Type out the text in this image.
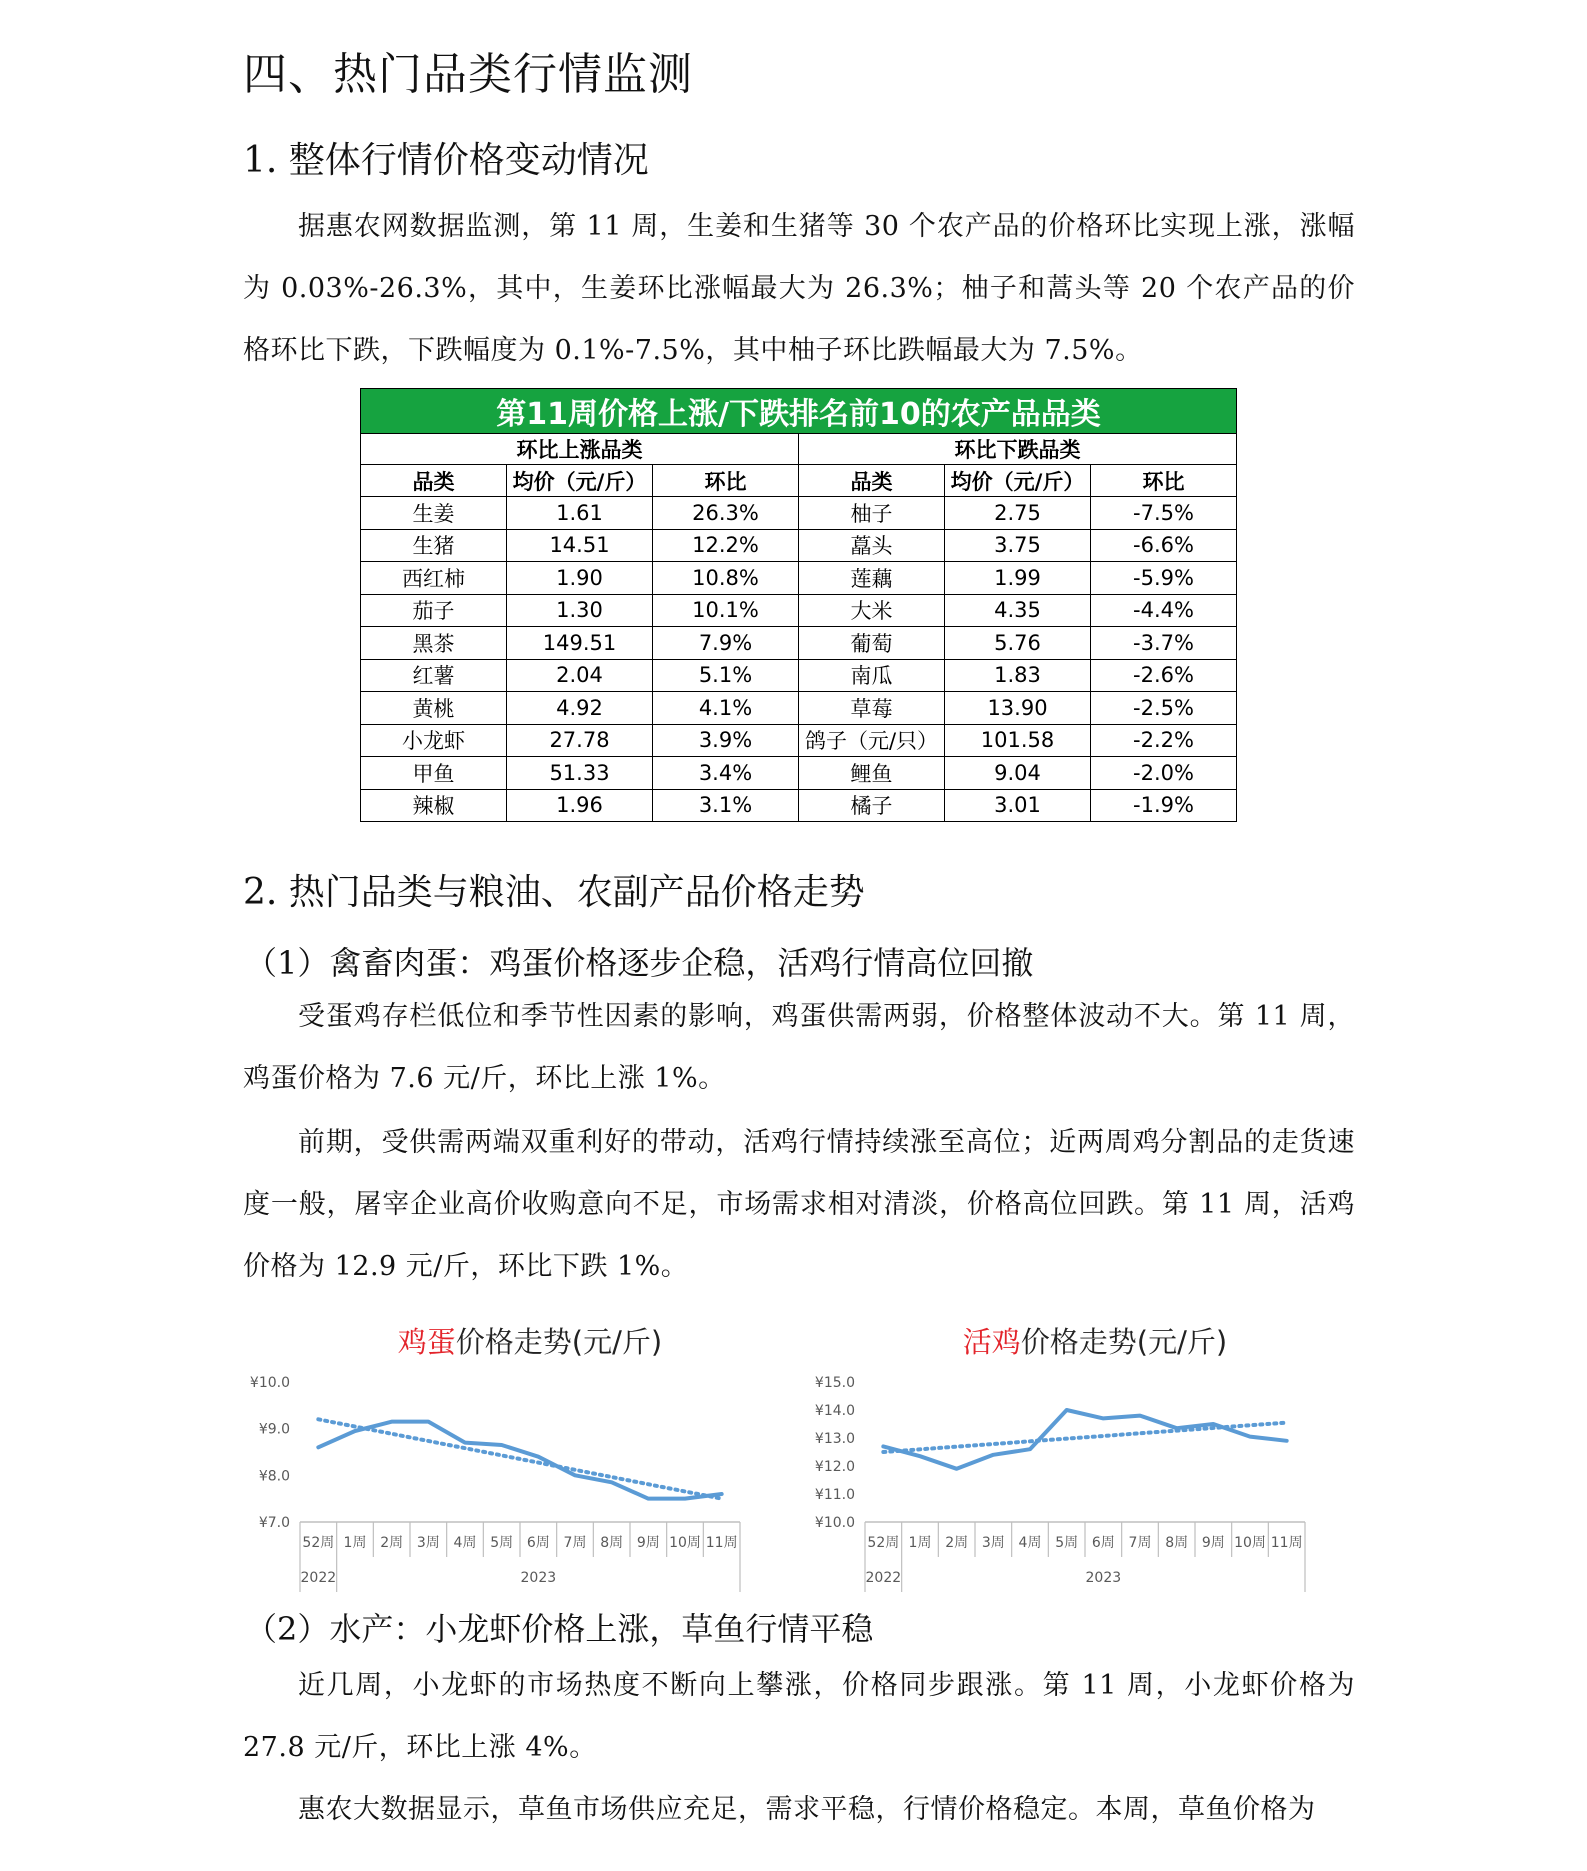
四、热门品类行情监测
1. 整体行情价格变动情况
据惠农网数据监测，第 11 周，生姜和生猪等 30 个农产品的价格环比实现上涨，涨幅为 0.03%-26.3%，其中，生姜环比涨幅最大为 26.3%；柚子和蒿头等 20 个农产品的价格环比下跌，下跌幅度为 0.1%-7.5%，其中柚子环比跌幅最大为 7.5%。
第11周价格上涨/下跌排名前10的农产品品类					
环比上涨品类			环比下跌品类		
品类	均价（元/斤）	环比	品类	均价（元/斤）	环比
生姜	1.61	26.3%	柚子	2.75	-7.5%
生猪	14.51	12.2%	藠头	3.75	-6.6%
西红柿	1.90	10.8%	莲藕	1.99	-5.9%
茄子	1.30	10.1%	大米	4.35	-4.4%
黑茶	149.51	7.9%	葡萄	5.76	-3.7%
红薯	2.04	5.1%	南瓜	1.83	-2.6%
黄桃	4.92	4.1%	草莓	13.90	-2.5%
小龙虾	27.78	3.9%	鸽子（元/只）	101.58	-2.2%
甲鱼	51.33	3.4%	鲤鱼	9.04	-2.0%
辣椒	1.96	3.1%	橘子	3.01	-1.9%
2. 热门品类与粮油、农副产品价格走势
（1）禽畜肉蛋：鸡蛋价格逐步企稳，活鸡行情高位回撤
受蛋鸡存栏低位和季节性因素的影响，鸡蛋供需两弱，价格整体波动不大。第 11 周，鸡蛋价格为 7.6 元/斤，环比上涨 1%。
前期，受供需两端双重利好的带动，活鸡行情持续涨至高位；近两周鸡分割品的走货速度一般，屠宰企业高价收购意向不足，市场需求相对清淡，价格高位回跌。第 11 周，活鸡价格为 12.9 元/斤，环比下跌 1%。
鸡蛋价格走势(元/斤)
¥7.0
¥8.0
¥9.0
¥10.0
52周 1周 2周 3周 4周 5周 6周 7周 8周 9周 10周 11周
2022	2023
活鸡价格走势(元/斤)
¥10.0
¥11.0
¥12.0
¥13.0
¥14.0
¥15.0
52周 1周 2周 3周 4周 5周 6周 7周 8周 9周 10周 11周
2022	2023
（2）水产：小龙虾价格上涨，草鱼行情平稳
近几周，小龙虾的市场热度不断向上攀涨，价格同步跟涨。第 11 周，小龙虾价格为 27.8 元/斤，环比上涨 4%。
惠农大数据显示，草鱼市场供应充足，需求平稳，行情价格稳定。本周，草鱼价格为
